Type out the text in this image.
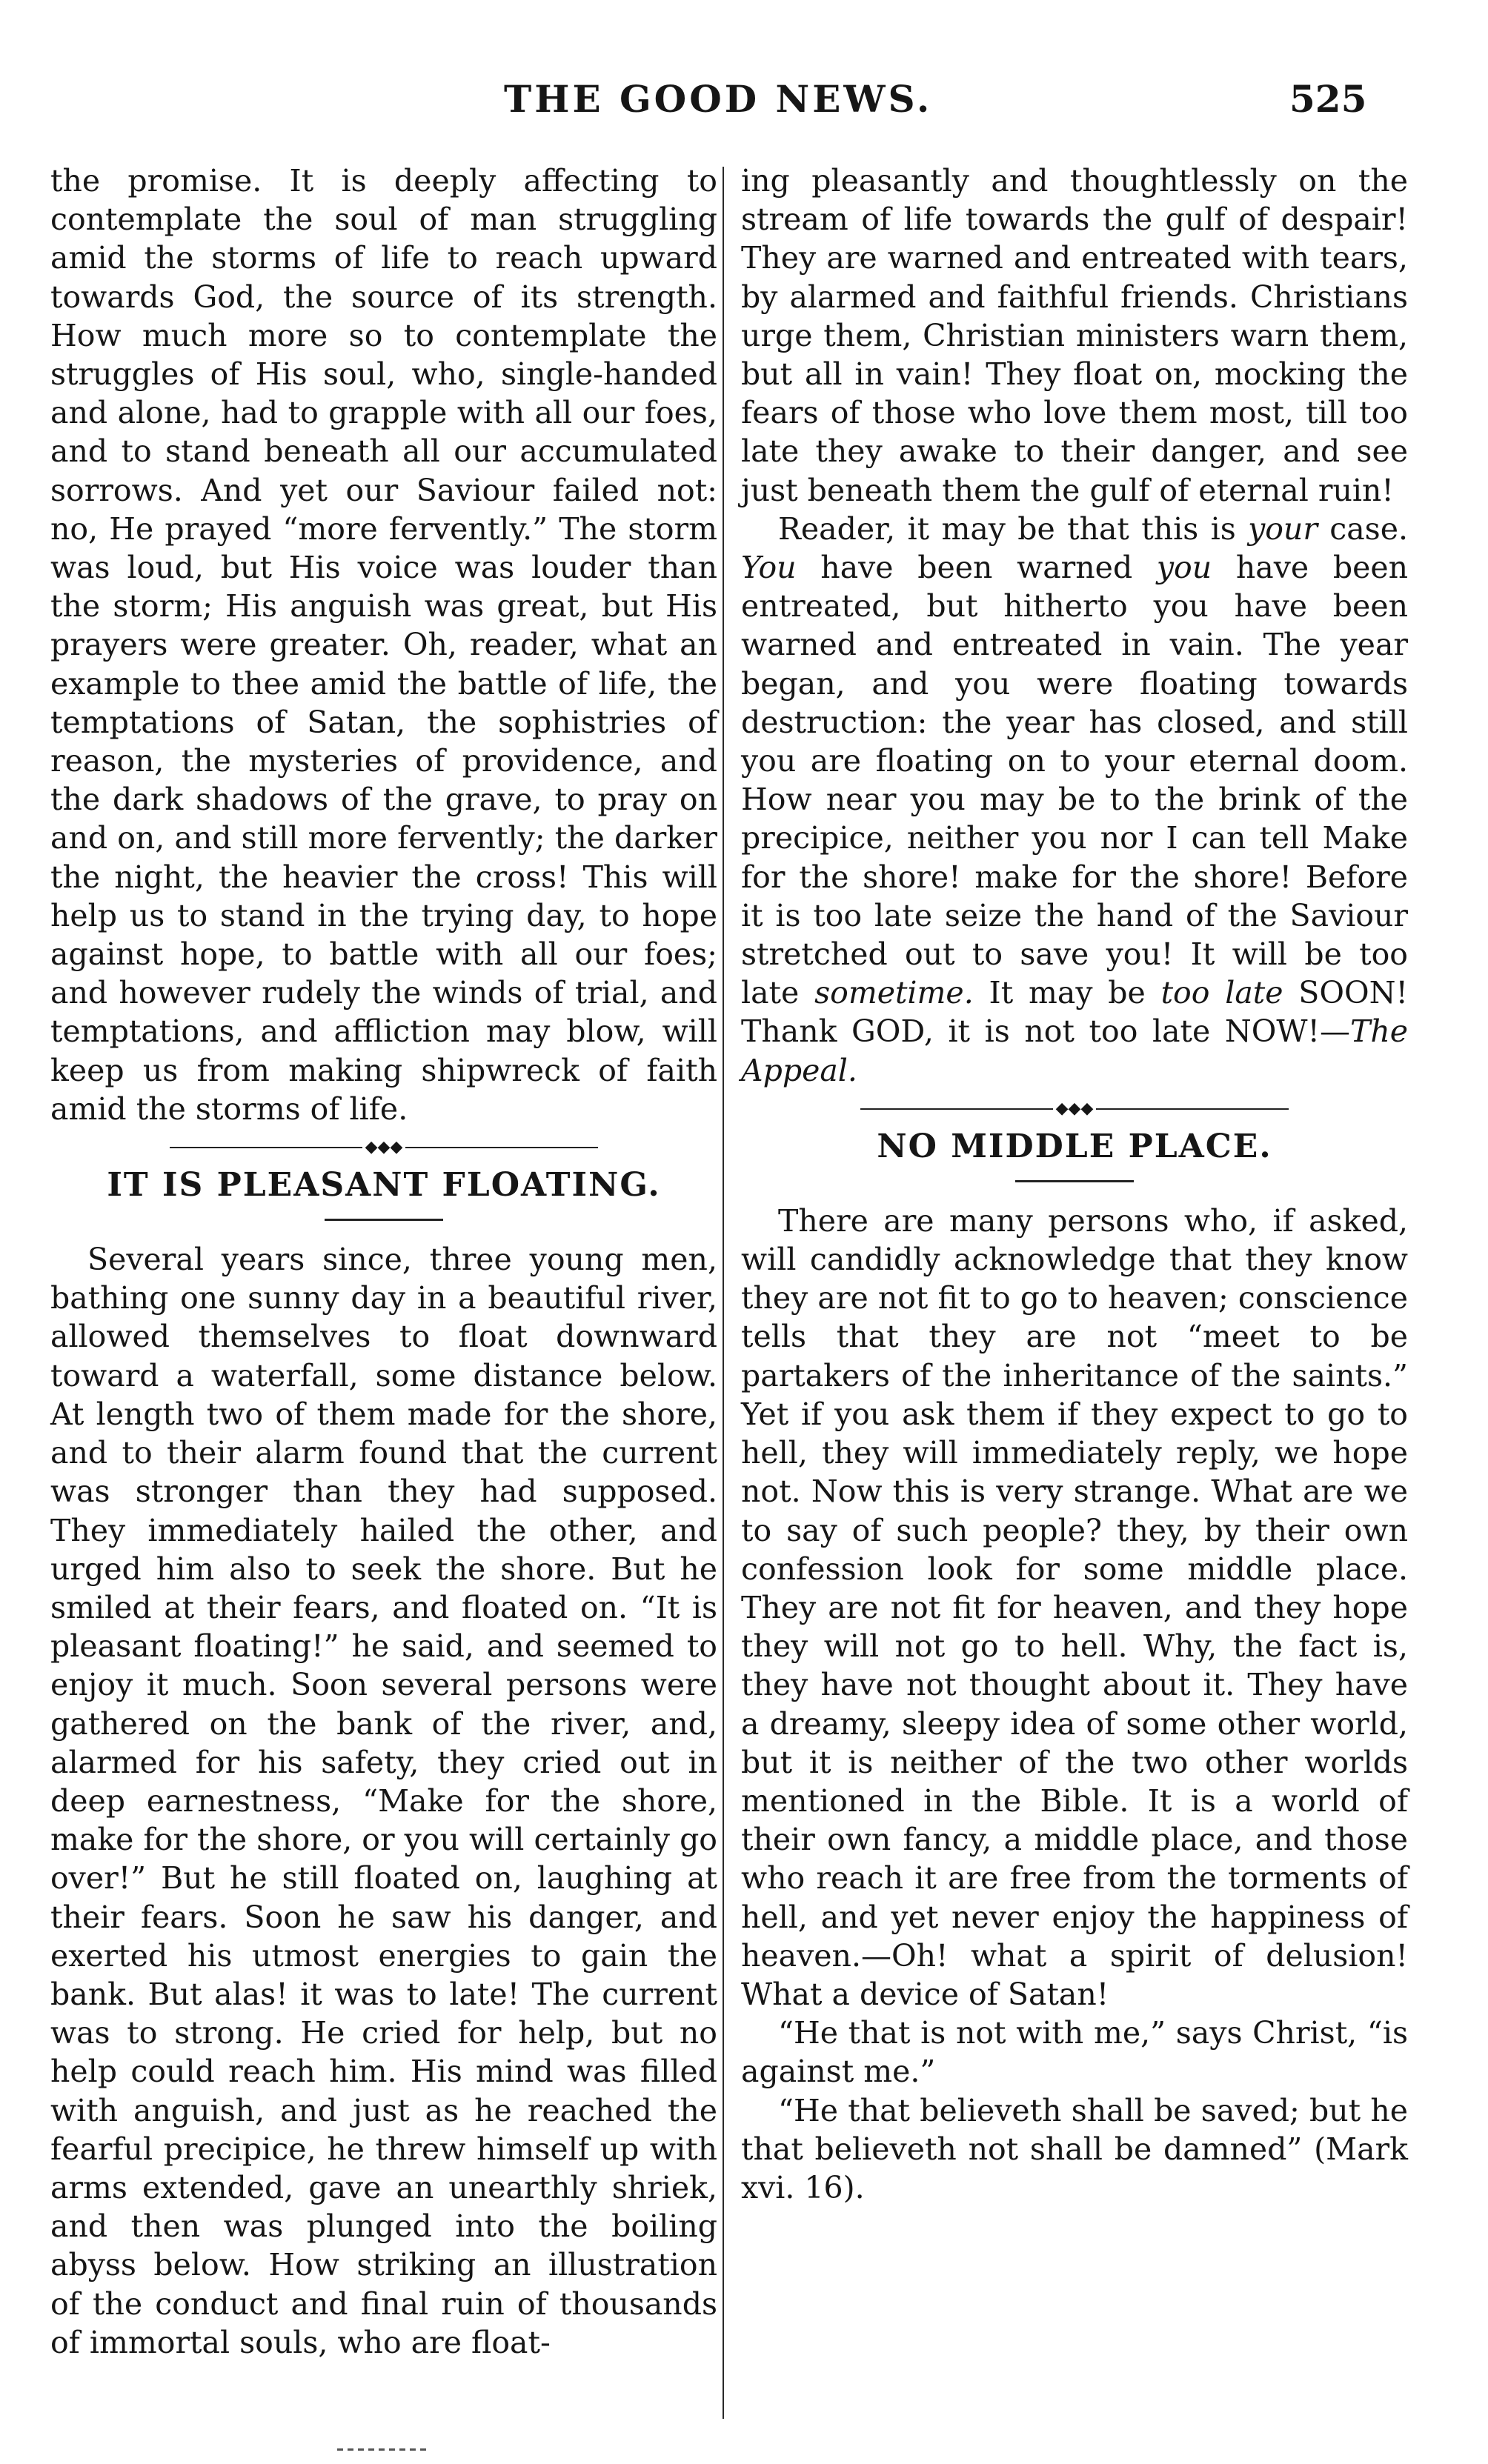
THE GOOD NEWS.	525

the promise. It is deeply affecting to contemplate the soul of man struggling amid the storms of life to reach upward towards God, the source of its strength. How much more so to contemplate the struggles of His soul, who, single-handed and alone, had to grapple with all our foes, and to stand beneath all our accumulated sorrows. And yet our Saviour failed not: no, He prayed “more fervently.” The storm was loud, but His voice was louder than the storm; His anguish was great, but His prayers were greater. Oh, reader, what an example to thee amid the battle of life, the temptations of Satan, the sophistries of reason, the mysteries of providence, and the dark shadows of the grave, to pray on and on, and still more fervently; the darker the night, the heavier the cross! This will help us to stand in the trying day, to hope against hope, to battle with all our foes; and however rudely the winds of trial, and temptations, and affliction may blow, will keep us from making shipwreck of faith amid the storms of life.

◆◆◆
IT IS PLEASANT FLOATING.

Several years since, three young men, bathing one sunny day in a beautiful river, allowed themselves to float downward toward a waterfall, some distance below. At length two of them made for the shore, and to their alarm found that the current was stronger than they had supposed. They immediately hailed the other, and urged him also to seek the shore. But he smiled at their fears, and floated on. “It is pleasant floating!” he said, and seemed to enjoy it much. Soon several persons were gathered on the bank of the river, and, alarmed for his safety, they cried out in deep earnestness, “Make for the shore, make for the shore, or you will certainly go over!” But he still floated on, laughing at their fears. Soon he saw his danger, and exerted his utmost energies to gain the bank. But alas! it was to late! The current was to strong. He cried for help, but no help could reach him. His mind was filled with anguish, and just as he reached the fearful precipice, he threw himself up with arms extended, gave an unearthly shriek, and then was plunged into the boiling abyss below. How striking an illustration of the conduct and final ruin of thousands of immortal souls, who are float-

ing pleasantly and thoughtlessly on the stream of life towards the gulf of despair! They are warned and entreated with tears, by alarmed and faithful friends. Christians urge them, Christian ministers warn them, but all in vain! They float on, mocking the fears of those who love them most, till too late they awake to their danger, and see just beneath them the gulf of eternal ruin!

Reader, it may be that this is your case. You have been warned you have been entreated, but hitherto you have been warned and entreated in vain. The year began, and you were floating towards destruction: the year has closed, and still you are floating on to your eternal doom. How near you may be to the brink of the precipice, neither you nor I can tell Make for the shore! make for the shore! Before it is too late seize the hand of the Saviour stretched out to save you! It will be too late sometime. It may be too late SOON! Thank GOD, it is not too late NOW!—The Appeal.

◆◆◆
NO MIDDLE PLACE.

There are many persons who, if asked, will candidly acknowledge that they know they are not fit to go to heaven; conscience tells that they are not “meet to be partakers of the inheritance of the saints.” Yet if you ask them if they expect to go to hell, they will immediately reply, we hope not. Now this is very strange. What are we to say of such people? they, by their own confession look for some middle place. They are not fit for heaven, and they hope they will not go to hell. Why, the fact is, they have not thought about it. They have a dreamy, sleepy idea of some other world, but it is neither of the two other worlds mentioned in the Bible. It is a world of their own fancy, a middle place, and those who reach it are free from the torments of hell, and yet never enjoy the happiness of heaven.—Oh! what a spirit of delusion! What a device of Satan!

“He that is not with me,” says Christ, “is against me.”

“He that believeth shall be saved; but he that believeth not shall be damned” (Mark xvi. 16).
